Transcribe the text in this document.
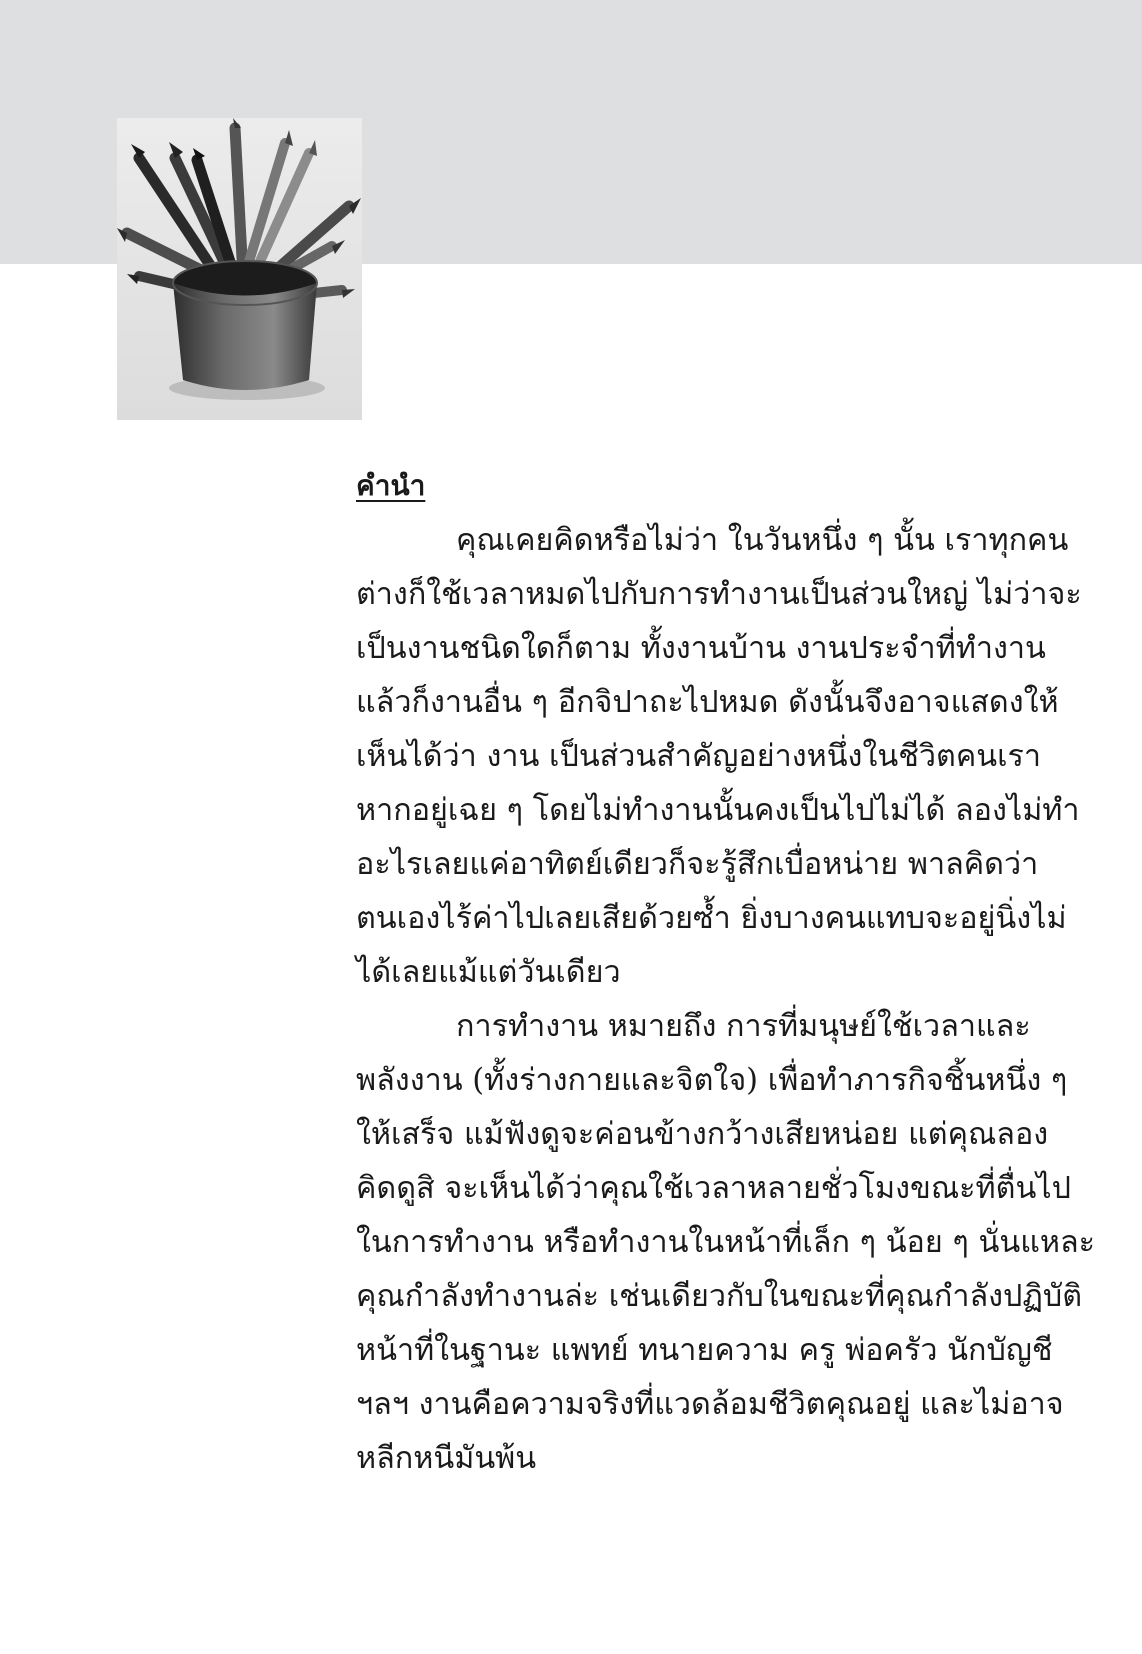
คำนำ

คุณเคยคิดหรือไม่ว่า ในวันหนึ่ง ๆ นั้น เราทุกคน
ต่างก็ใช้เวลาหมดไปกับการทำงานเป็นส่วนใหญ่ ไม่ว่าจะ
เป็นงานชนิดใดก็ตาม ทั้งงานบ้าน งานประจำที่ทำงาน
แล้วก็งานอื่น ๆ อีกจิปาถะไปหมด ดังนั้นจึงอาจแสดงให้
เห็นได้ว่า งาน เป็นส่วนสำคัญอย่างหนึ่งในชีวิตคนเรา
หากอยู่เฉย ๆ โดยไม่ทำงานนั้นคงเป็นไปไม่ได้ ลองไม่ทำ
อะไรเลยแค่อาทิตย์เดียวก็จะรู้สึกเบื่อหน่าย พาลคิดว่า
ตนเองไร้ค่าไปเลยเสียด้วยซ้ำ ยิ่งบางคนแทบจะอยู่นิ่งไม่
ได้เลยแม้แต่วันเดียว

การทำงาน หมายถึง การที่มนุษย์ใช้เวลาและ
พลังงาน (ทั้งร่างกายและจิตใจ) เพื่อทำภารกิจชิ้นหนึ่ง ๆ
ให้เสร็จ แม้ฟังดูจะค่อนข้างกว้างเสียหน่อย แต่คุณลอง
คิดดูสิ จะเห็นได้ว่าคุณใช้เวลาหลายชั่วโมงขณะที่ตื่นไป
ในการทำงาน หรือทำงานในหน้าที่เล็ก ๆ น้อย ๆ นั่นแหละ
คุณกำลังทำงานล่ะ เช่นเดียวกับในขณะที่คุณกำลังปฏิบัติ
หน้าที่ในฐานะ แพทย์ ทนายความ ครู พ่อครัว นักบัญชี
ฯลฯ งานคือความจริงที่แวดล้อมชีวิตคุณอยู่ และไม่อาจ
หลีกหนีมันพ้น
